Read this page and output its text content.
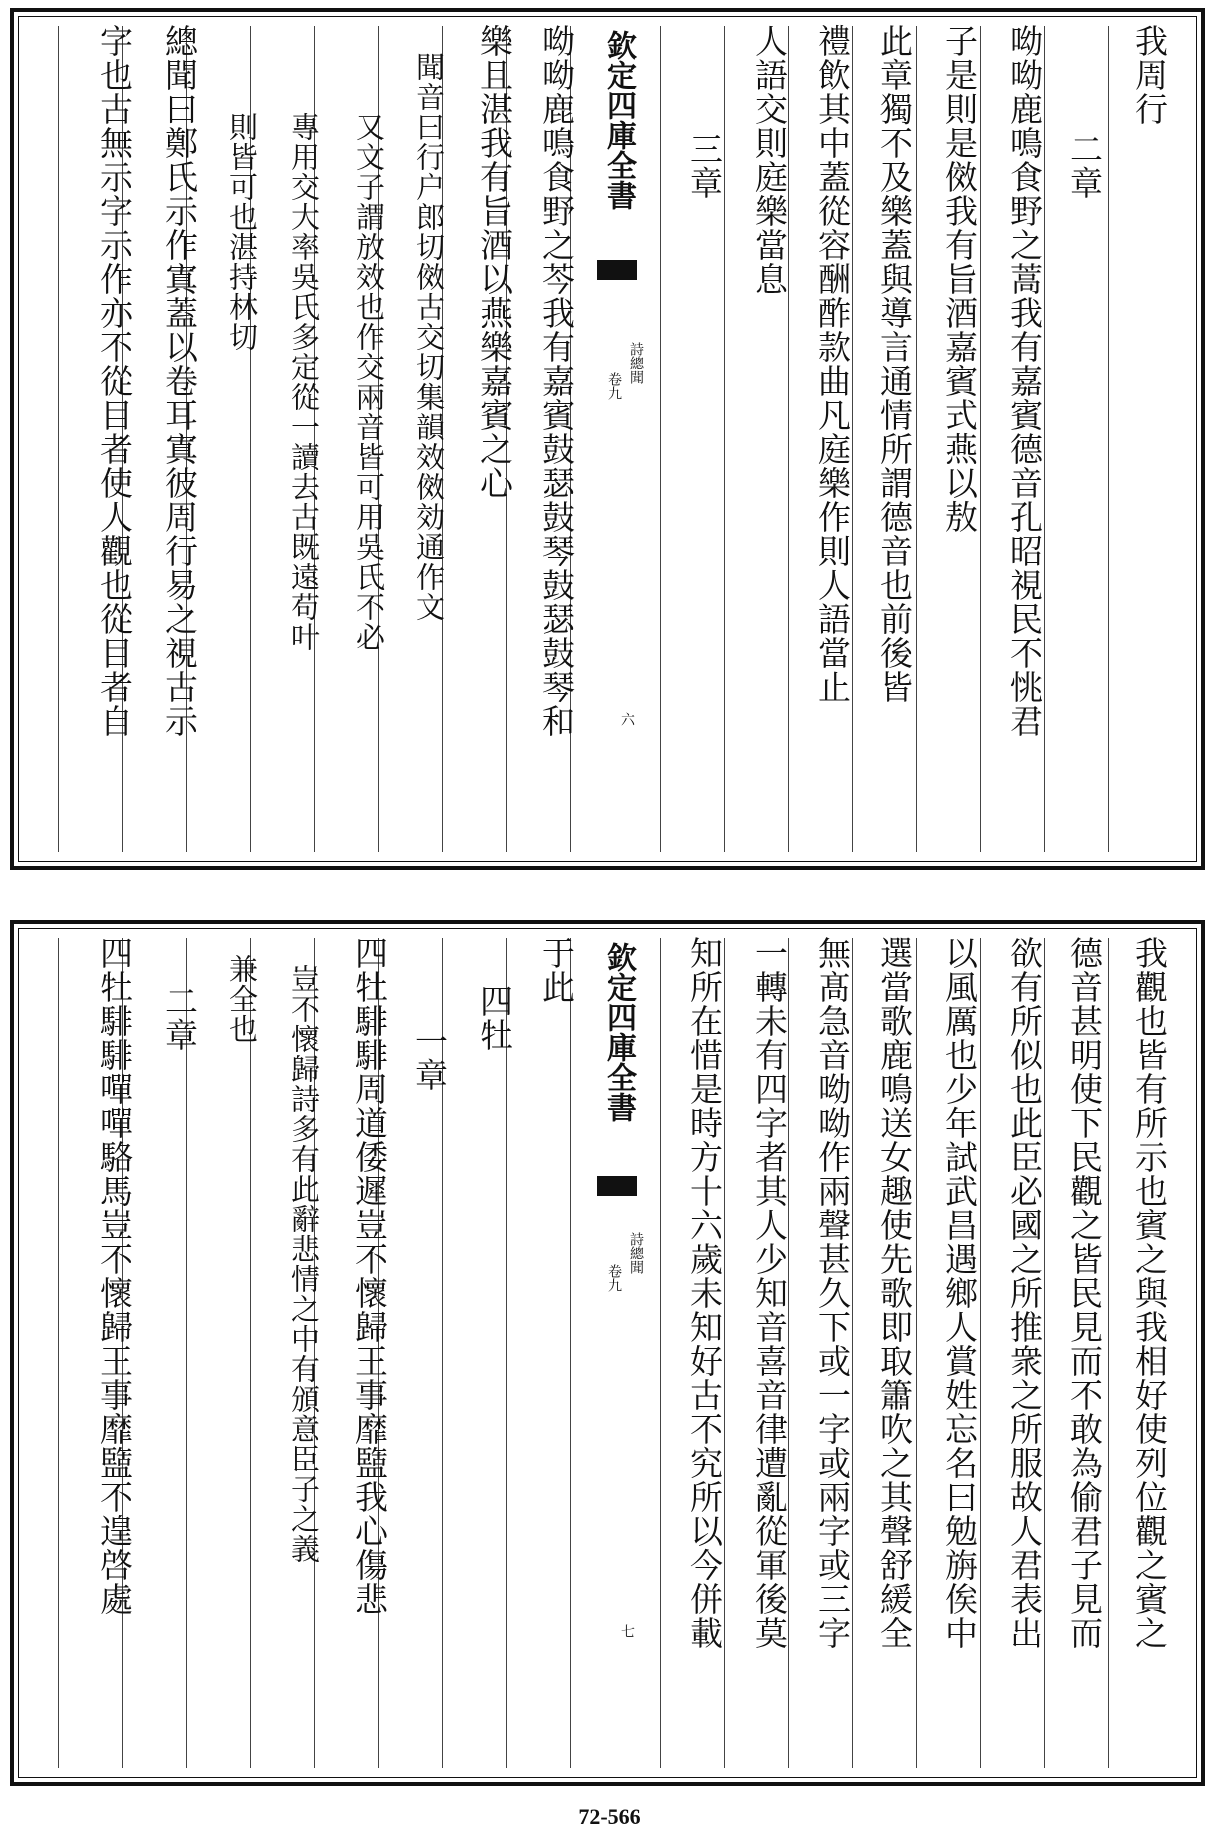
欽定四庫全書
詩總聞
卷九
六
我周行
二章
呦呦鹿鳴食野之蒿我有嘉賓德音孔昭視民不恌君
子是則是傚我有旨酒嘉賓式燕以敖
此章獨不及樂蓋與導言通情所謂德音也前後皆
禮飲其中蓋從容酬酢款曲凡庭樂作則人語當止
人語交則庭樂當息
三章
呦呦鹿鳴食野之芩我有嘉賓鼓瑟鼓琴鼓瑟鼓琴和
樂且湛我有旨酒以燕樂嘉賓之心
聞音曰行户郎切傚古交切集韻效傚効通作文
又文子謂放效也作交兩音皆可用吳氏不必
專用交大率吳氏多定從一讀去古既遠苟叶
則皆可也湛持林切
總聞曰鄭氏示作寘蓋以卷耳寘彼周行易之視古示
字也古無示字示作亦不從目者使人觀也從目者自
欽定四庫全書
詩總聞
卷九
七	我觀也皆有所示也賓之與我相好使列位觀之賓之
德音甚明使下民觀之皆民見而不敢為偷君子見而
欲有所似也此臣必國之所推衆之所服故人君表出
以風厲也少年試武昌遇鄉人賞姓忘名曰勉旃俟中
選當歌鹿鳴送女趣使先歌即取簫吹之其聲舒緩全
無髙急音呦呦作兩聲甚久下或一字或兩字或三字
一轉未有四字者其人少知音喜音律遭亂從軍後莫
知所在惜是時方十六歲未知好古不究所以今併載
于此
四牡
一章
四牡騑騑周道倭遲豈不懷歸王事靡盬我心傷悲
豈不懷歸詩多有此辭悲情之中有頒意臣子之義
兼全也
二章
四牡騑騑嘽嘽駱馬豈不懷歸王事靡盬不遑啓處
72-566
